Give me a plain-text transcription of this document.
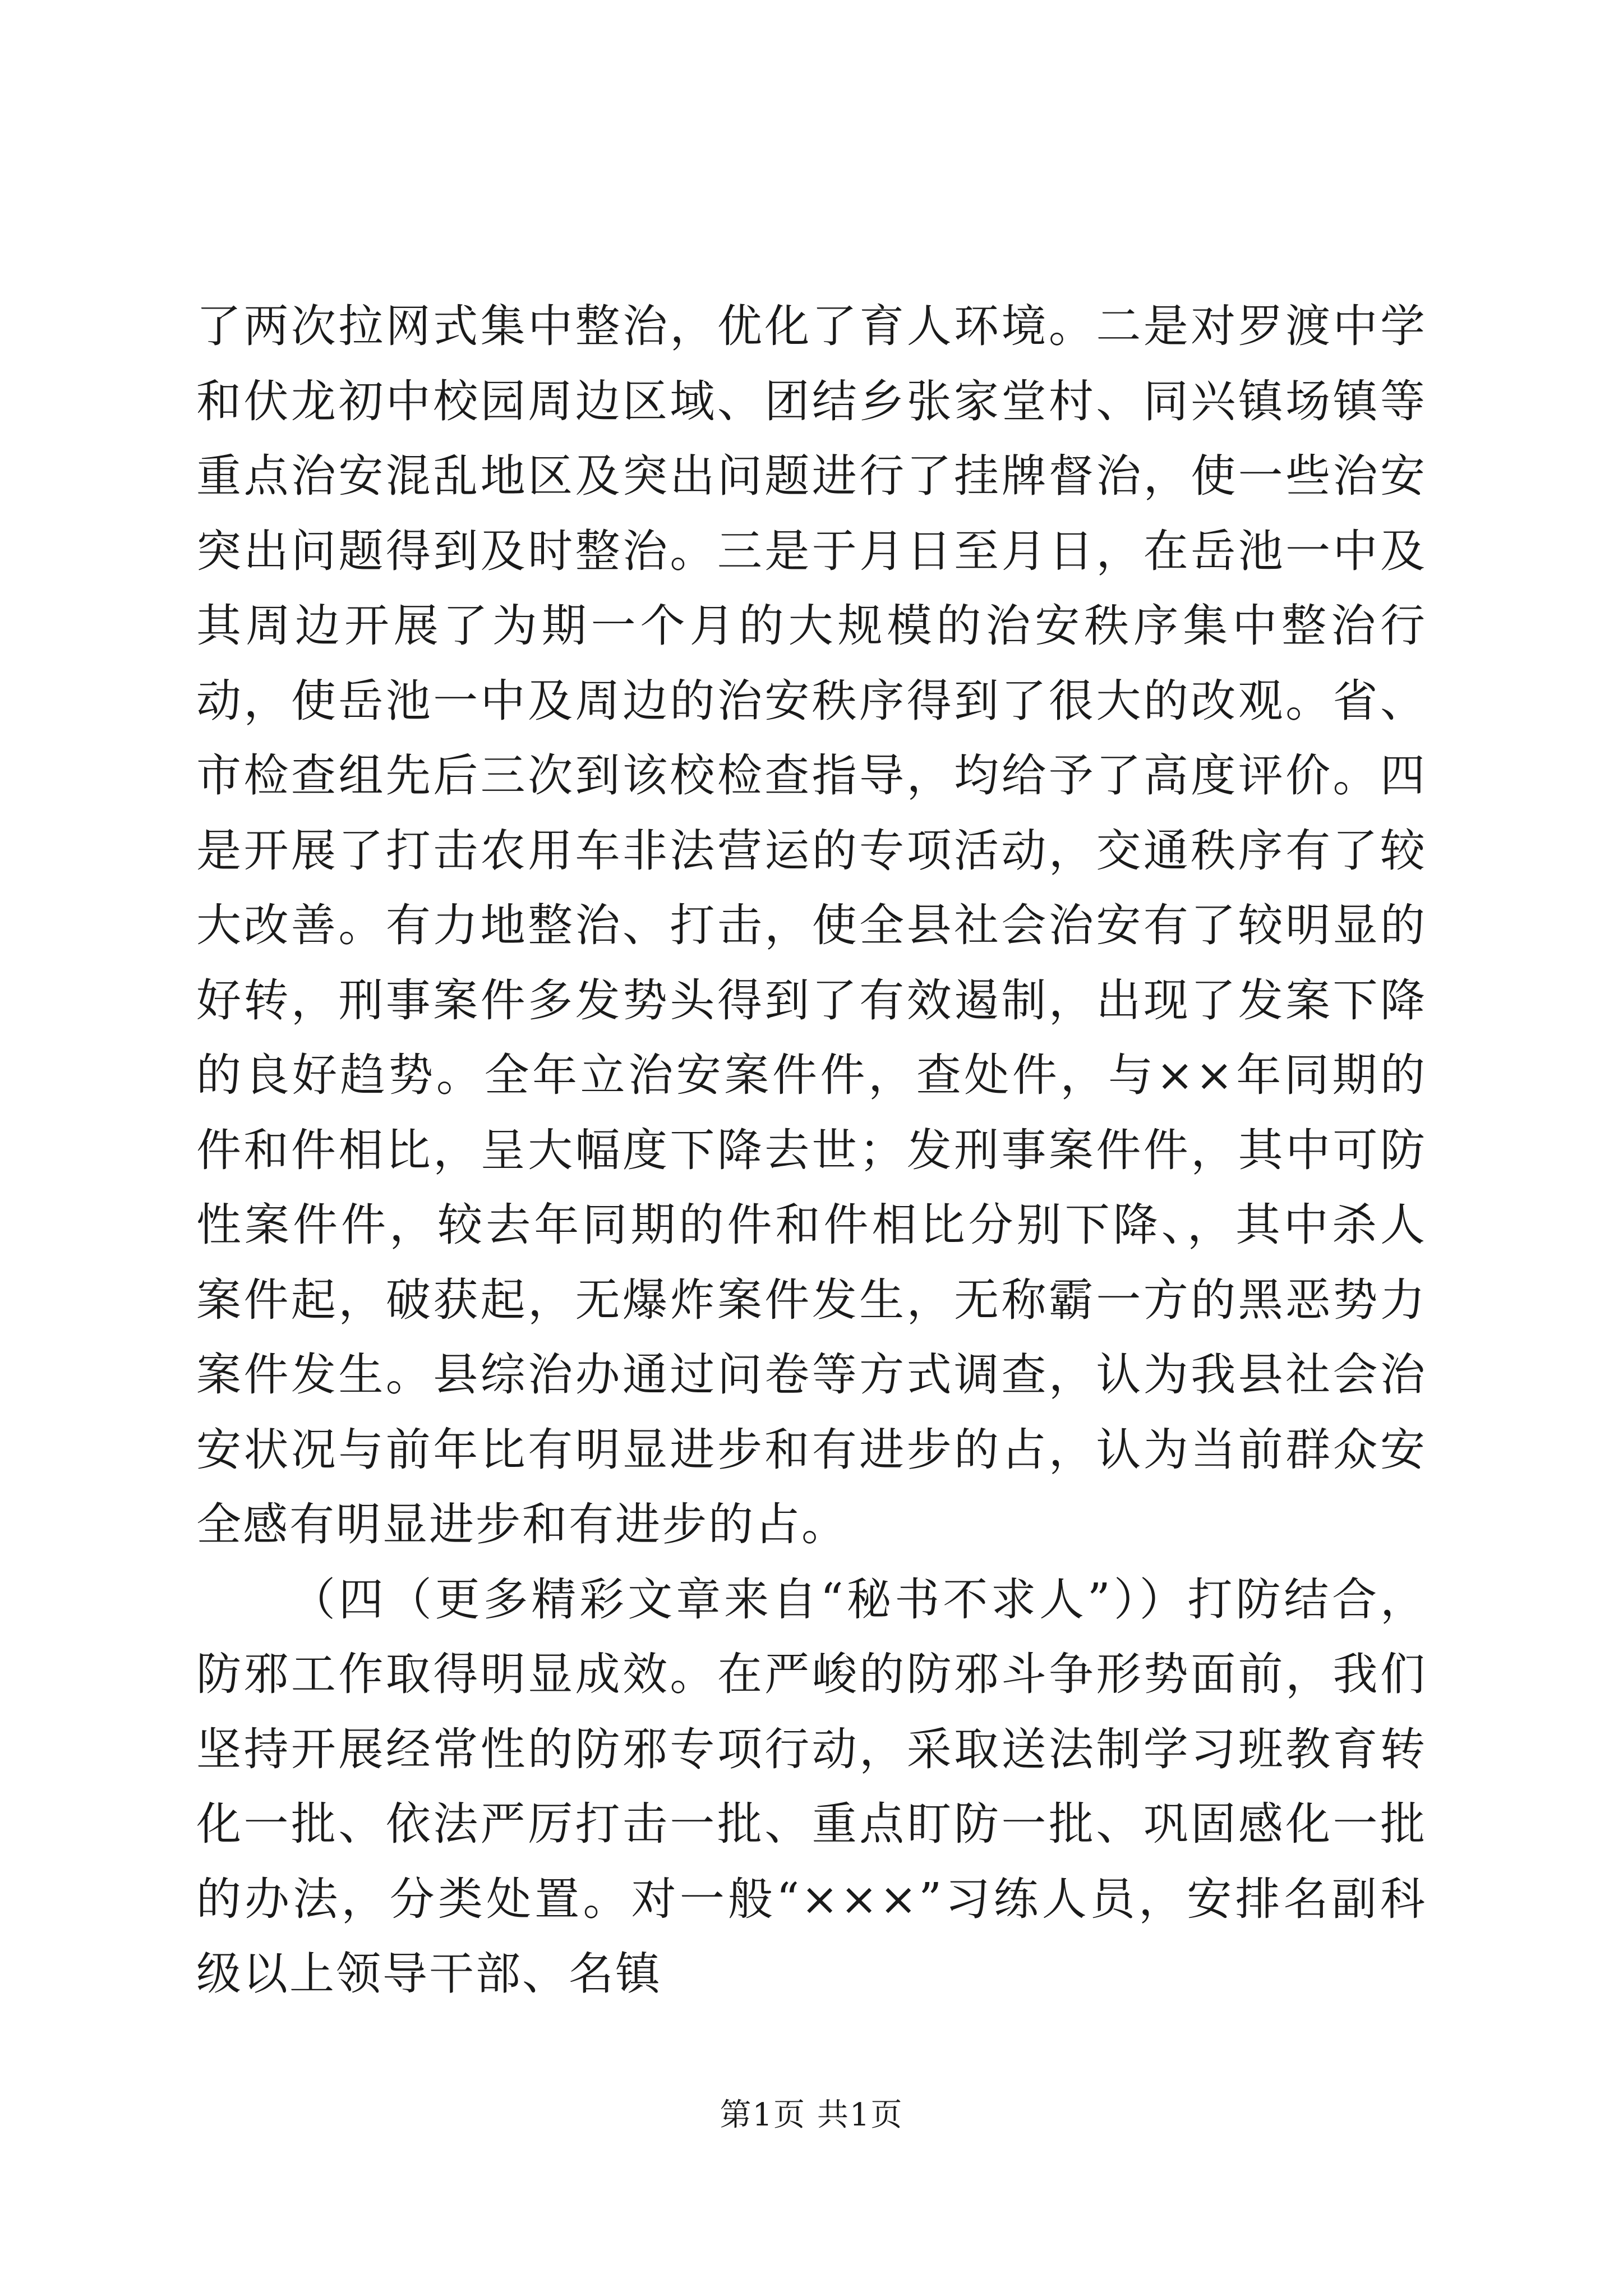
了两次拉网式集中整治，优化了育人环境。二是对罗渡中学和伏龙初中校园周边区域、团结乡张家堂村、同兴镇场镇等重点治安混乱地区及突出问题进行了挂牌督治，使一些治安突出问题得到及时整治。三是于月日至月日，在岳池一中及其周边开展了为期一个月的大规模的治安秩序集中整治行动，使岳池一中及周边的治安秩序得到了很大的改观。省、市检查组先后三次到该校检查指导，均给予了高度评价。四是开展了打击农用车非法营运的专项活动，交通秩序有了较大改善。有力地整治、打击，使全县社会治安有了较明显的好转，刑事案件多发势头得到了有效遏制，出现了发案下降的良好趋势。全年立治安案件件，查处件，与××年同期的件和件相比，呈大幅度下降去世；发刑事案件件，其中可防性案件件，较去年同期的件和件相比分别下降、，其中杀人案件起，破获起，无爆炸案件发生，无称霸一方的黑恶势力案件发生。县综治办通过问卷等方式调查，认为我县社会治安状况与前年比有明显进步和有进步的占，认为当前群众安全感有明显进步和有进步的占。

（四（更多精彩文章来自“秘书不求人”））打防结合，防邪工作取得明显成效。在严峻的防邪斗争形势面前，我们坚持开展经常性的防邪专项行动，采取送法制学习班教育转化一批、依法严厉打击一批、重点盯防一批、巩固感化一批的办法，分类处置。对一般“×××”习练人员，安排名副科级以上领导干部、名镇

第1页 共1页
